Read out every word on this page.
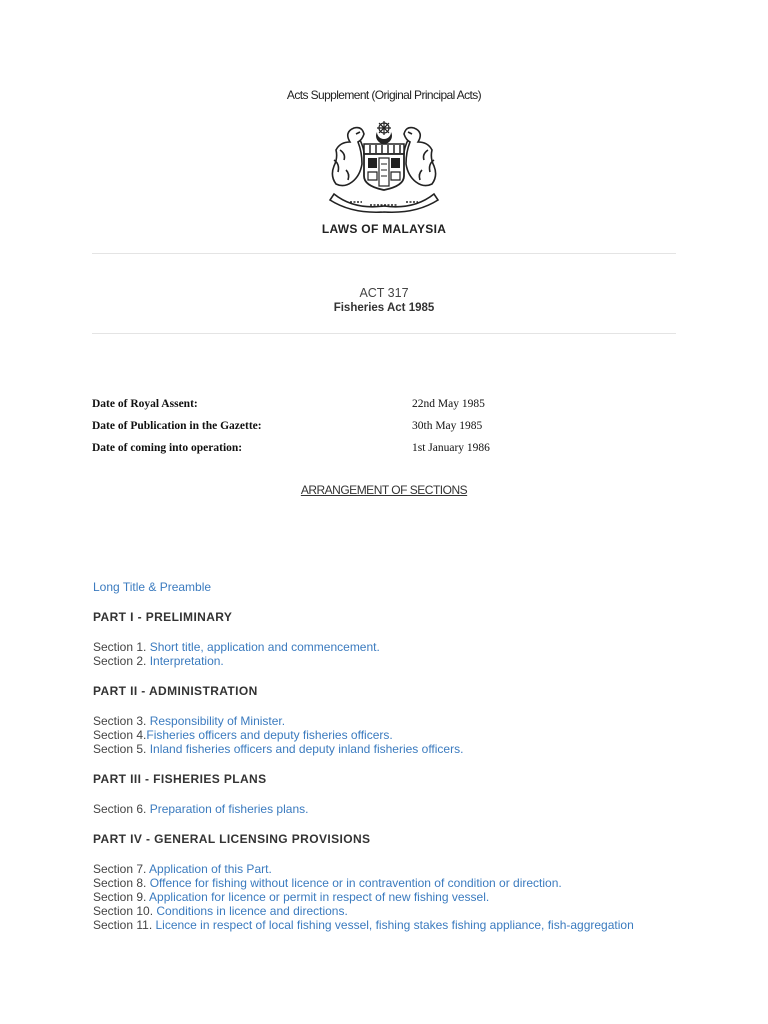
Acts Supplement (Original Principal Acts)
LAWS OF MALAYSIA
ACT 317
Fisheries Act 1985
Date of Royal Assent:	22nd May 1985
Date of Publication in the Gazette:	30th May 1985
Date of coming into operation:	1st January 1986
ARRANGEMENT OF SECTIONS
Long Title & Preamble
PART I - PRELIMINARY
Section 1. Short title, application and commencement.
Section 2. Interpretation.
PART II - ADMINISTRATION
Section 3. Responsibility of Minister.
Section 4.Fisheries officers and deputy fisheries officers.
Section 5. Inland fisheries officers and deputy inland fisheries officers.
PART III - FISHERIES PLANS
Section 6. Preparation of fisheries plans.
PART IV - GENERAL LICENSING PROVISIONS
Section 7. Application of this Part.
Section 8. Offence for fishing without licence or in contravention of condition or direction.
Section 9. Application for licence or permit in respect of new fishing vessel.
Section 10. Conditions in licence and directions.
Section 11. Licence in respect of local fishing vessel, fishing stakes fishing appliance, fish-aggregation
